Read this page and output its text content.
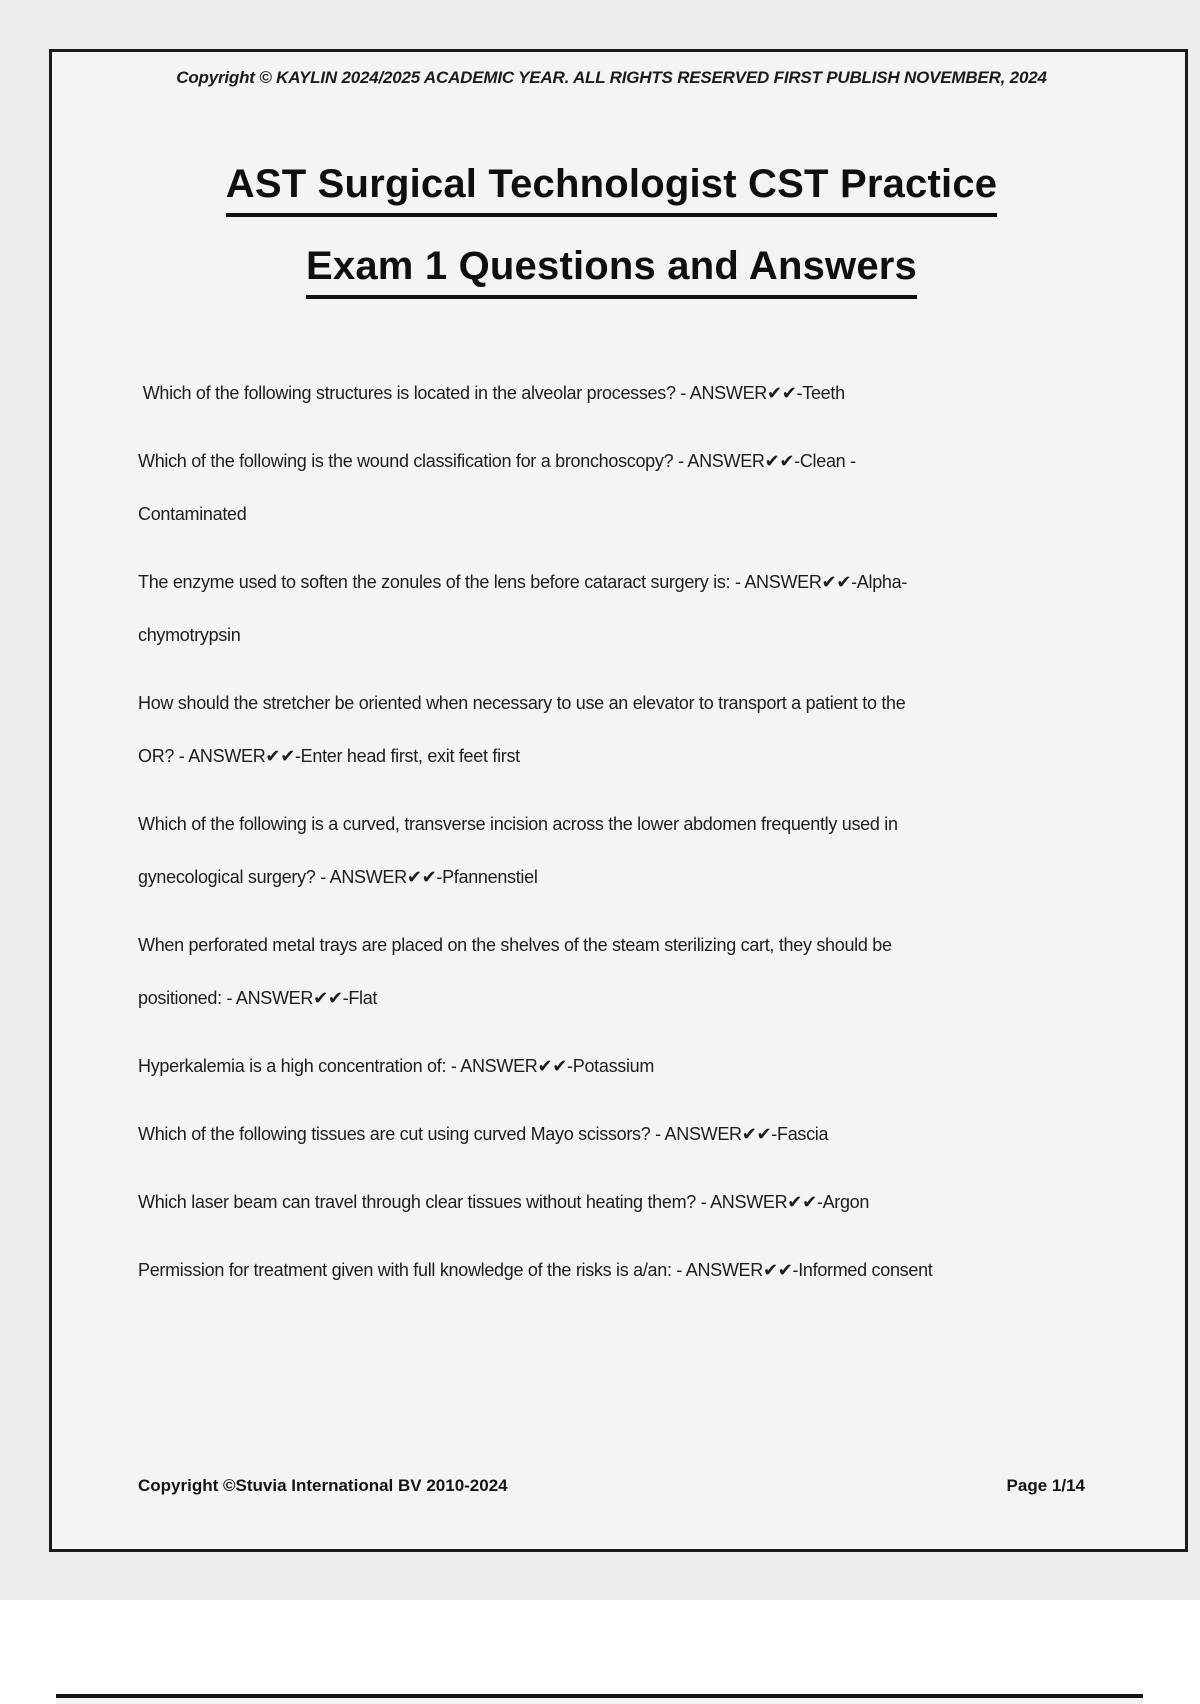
Copyright © KAYLIN 2024/2025 ACADEMIC YEAR. ALL RIGHTS RESERVED FIRST PUBLISH NOVEMBER, 2024
AST Surgical Technologist CST Practice
Exam 1 Questions and Answers
Which of the following structures is located in the alveolar processes? - ANSWER✔✔-Teeth
Which of the following is the wound classification for a bronchoscopy? - ANSWER✔✔-Clean -
Contaminated
The enzyme used to soften the zonules of the lens before cataract surgery is: - ANSWER✔✔-Alpha-
chymotrypsin
How should the stretcher be oriented when necessary to use an elevator to transport a patient to the
OR? - ANSWER✔✔-Enter head first, exit feet first
Which of the following is a curved, transverse incision across the lower abdomen frequently used in
gynecological surgery? - ANSWER✔✔-Pfannenstiel
When perforated metal trays are placed on the shelves of the steam sterilizing cart, they should be
positioned: - ANSWER✔✔-Flat
Hyperkalemia is a high concentration of: - ANSWER✔✔-Potassium
Which of the following tissues are cut using curved Mayo scissors? - ANSWER✔✔-Fascia
Which laser beam can travel through clear tissues without heating them? - ANSWER✔✔-Argon
Permission for treatment given with full knowledge of the risks is a/an: - ANSWER✔✔-Informed consent
Copyright ©Stuvia International BV 2010-2024	Page 1/14
